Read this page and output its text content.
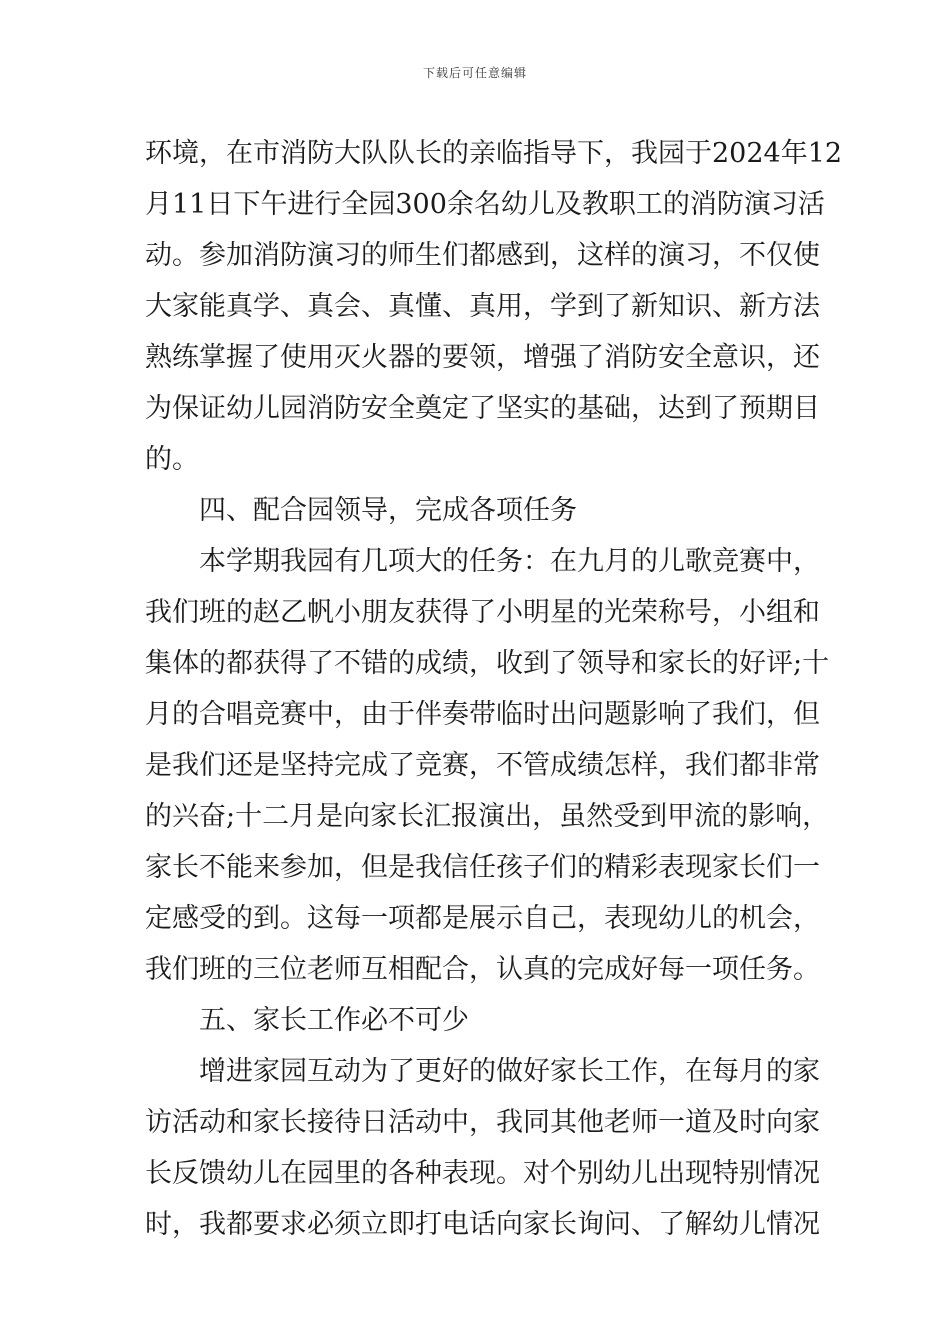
下载后可任意编辑
环境，在市消防大队队长的亲临指导下，我园于2024年12
月11日下午进行全园300余名幼儿及教职工的消防演习活
动。参加消防演习的师生们都感到，这样的演习，不仅使
大家能真学、真会、真懂、真用，学到了新知识、新方法
熟练掌握了使用灭火器的要领，增强了消防安全意识，还
为保证幼儿园消防安全奠定了坚实的基础，达到了预期目
的。
四、配合园领导，完成各项任务
本学期我园有几项大的任务：在九月的儿歌竞赛中，
我们班的赵乙帆小朋友获得了小明星的光荣称号，小组和
集体的都获得了不错的成绩，收到了领导和家长的好评;十
月的合唱竞赛中，由于伴奏带临时出问题影响了我们，但
是我们还是坚持完成了竞赛，不管成绩怎样，我们都非常
的兴奋;十二月是向家长汇报演出，虽然受到甲流的影响，
家长不能来参加，但是我信任孩子们的精彩表现家长们一
定感受的到。这每一项都是展示自己，表现幼儿的机会，
我们班的三位老师互相配合，认真的完成好每一项任务。
五、家长工作必不可少
增进家园互动为了更好的做好家长工作，在每月的家
访活动和家长接待日活动中，我同其他老师一道及时向家
长反馈幼儿在园里的各种表现。对个别幼儿出现特别情况
时，我都要求必须立即打电话向家长询问、了解幼儿情况
